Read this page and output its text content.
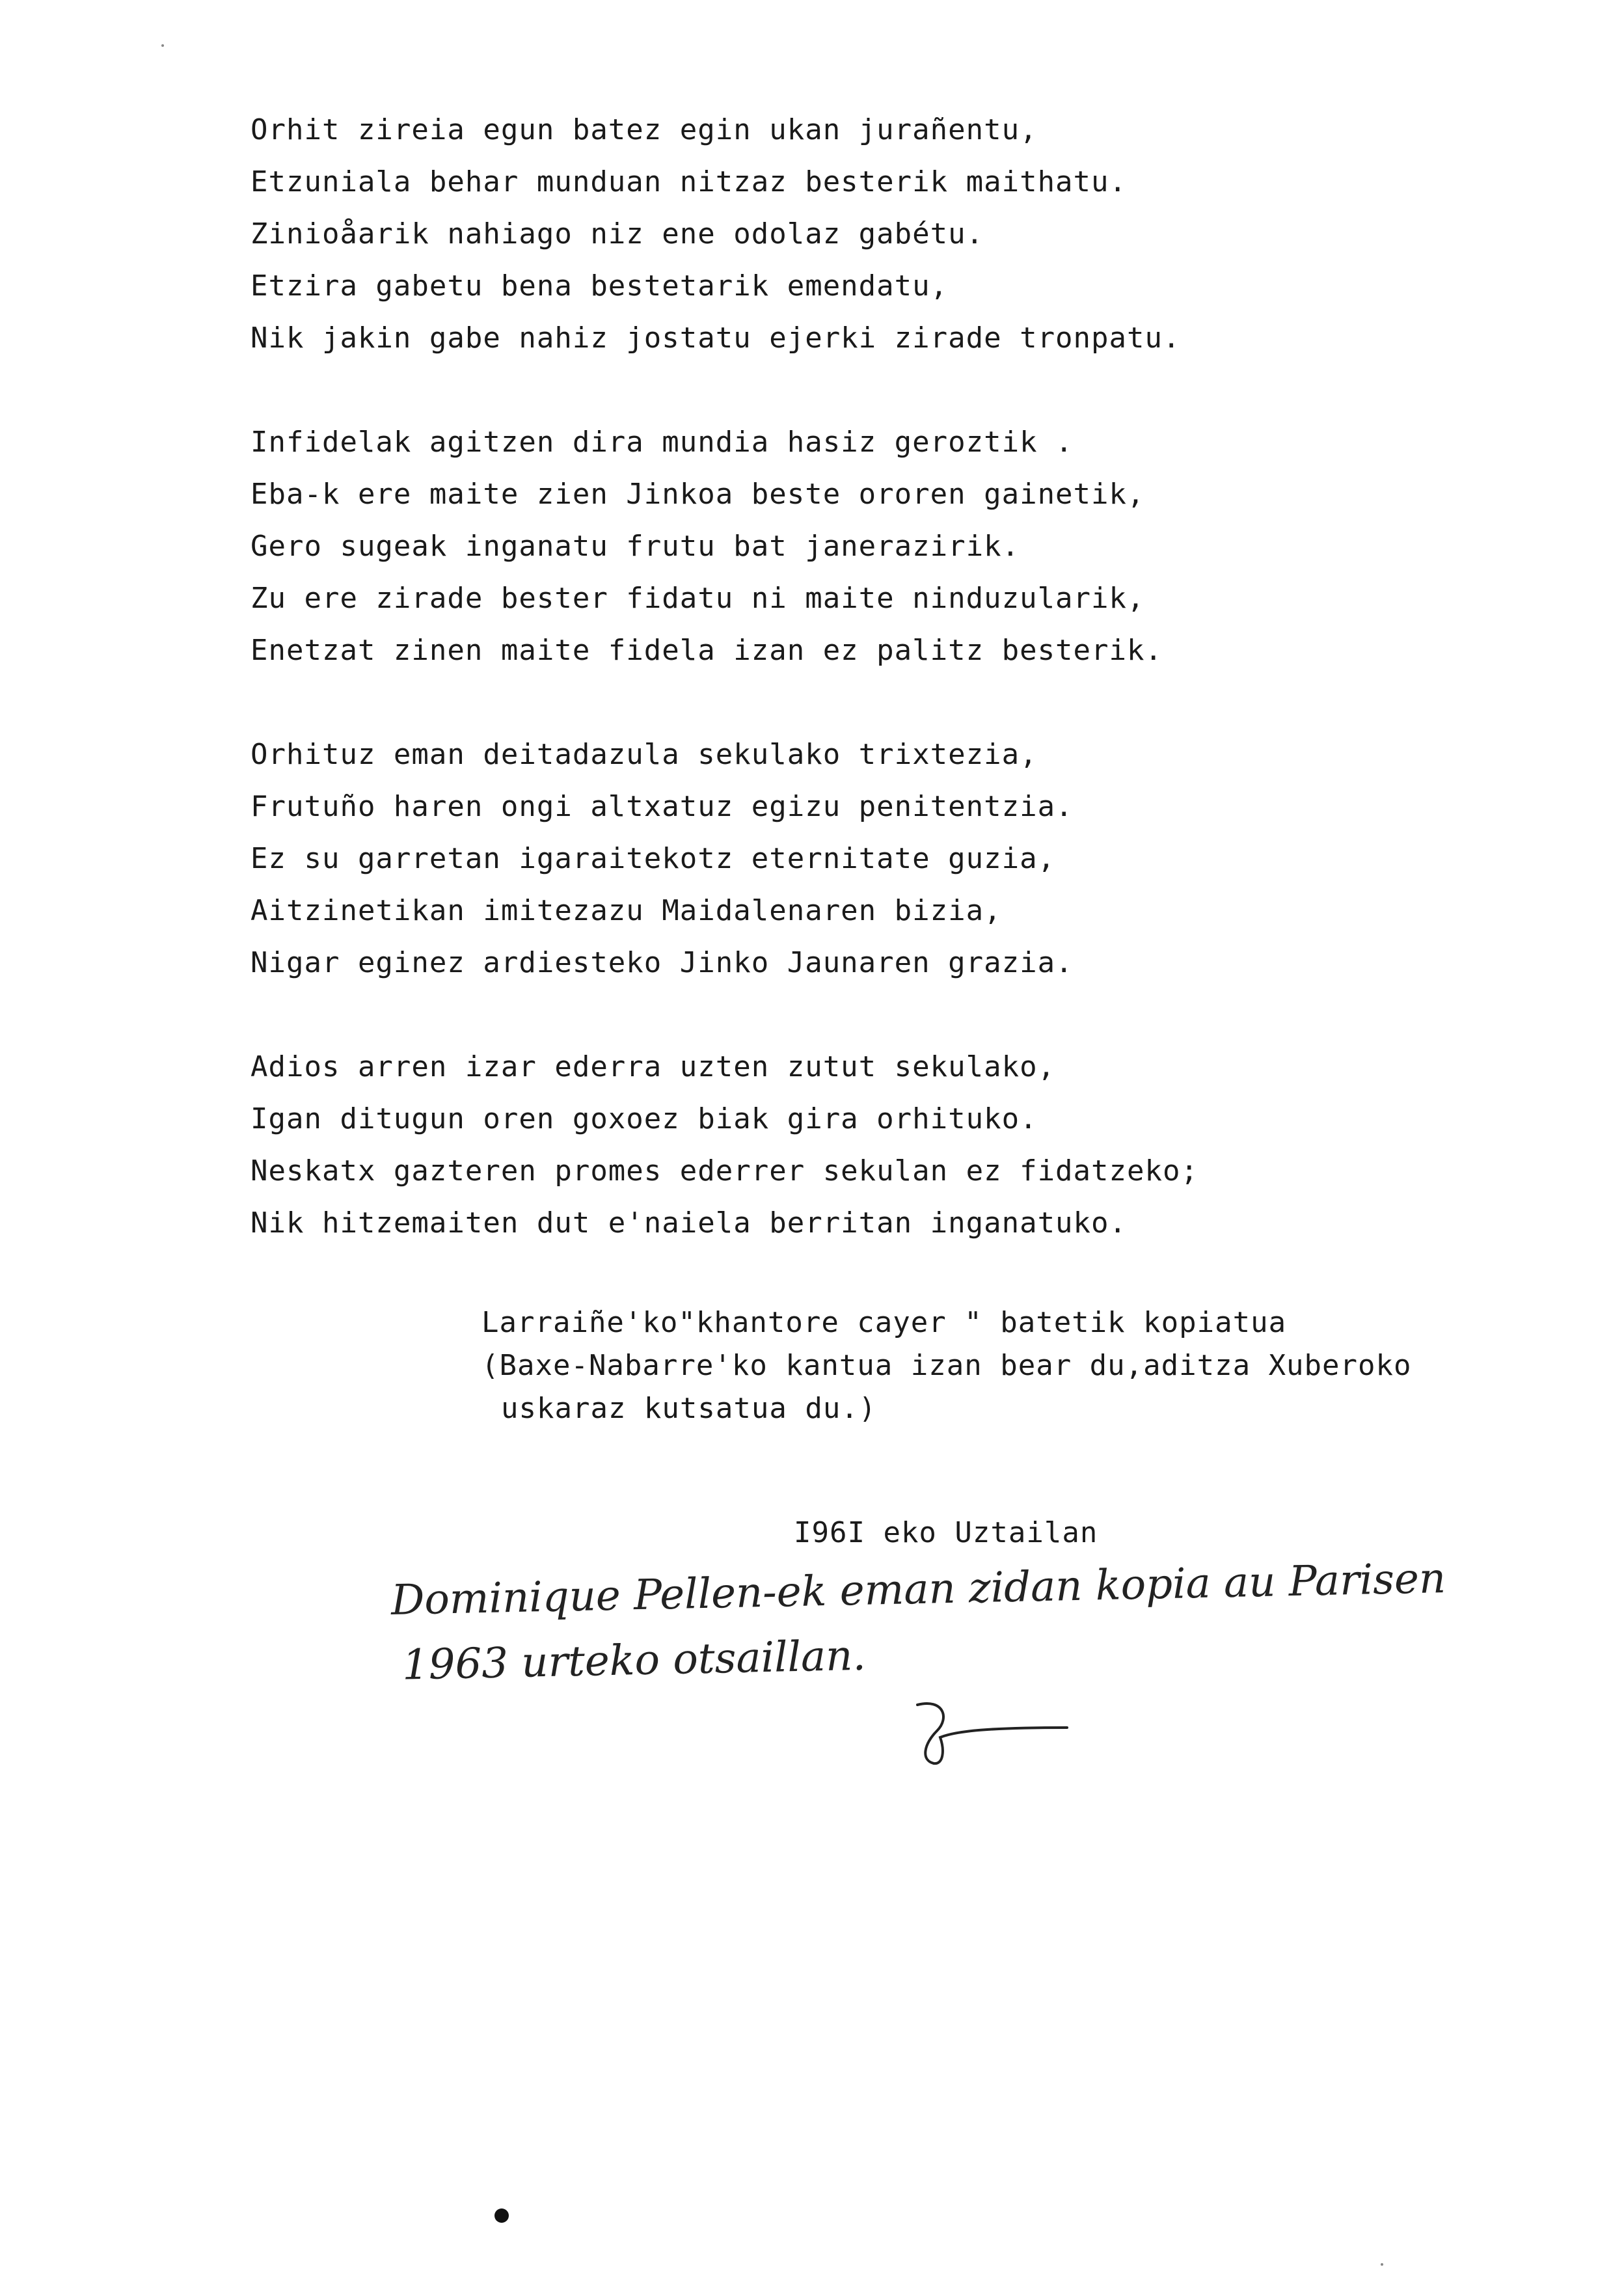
Orhit zireia egun batez egin ukan jurañentu,
Etzuniala behar munduan nitzaz besterik maithatu.
Zinioåarik nahiago niz ene odolaz gabétu.
Etzira gabetu bena bestetarik emendatu,
Nik jakin gabe nahiz jostatu ejerki zirade tronpatu.
Infidelak agitzen dira mundia hasiz geroztik .
Eba-k ere maite zien Jinkoa beste ororen gainetik,
Gero sugeak inganatu frutu bat janerazirik.
Zu ere zirade bester fidatu ni maite ninduzularik,
Enetzat zinen maite fidela izan ez palitz besterik.
Orhituz eman deitadazula sekulako trixtezia,
Frutuño haren ongi altxatuz egizu penitentzia.
Ez su garretan igaraitekotz eternitate guzia,
Aitzinetikan imitezazu Maidalenaren bizia,
Nigar eginez ardiesteko Jinko Jaunaren grazia.
Adios arren izar ederra uzten zutut sekulako,
Igan ditugun oren goxoez biak gira orhituko.
Neskatx gazteren promes ederrer sekulan ez fidatzeko;
Nik hitzemaiten dut e'naiela berritan inganatuko.
Larraiñe'ko"khantore cayer " batetik kopiatua
(Baxe-Nabarre'ko kantua izan bear du,aditza Xuberoko
uskaraz kutsatua du.)
I96I eko Uztailan
Dominique Pellen-ek eman zidan kopia au Parisen
1963 urteko otsaillan.
